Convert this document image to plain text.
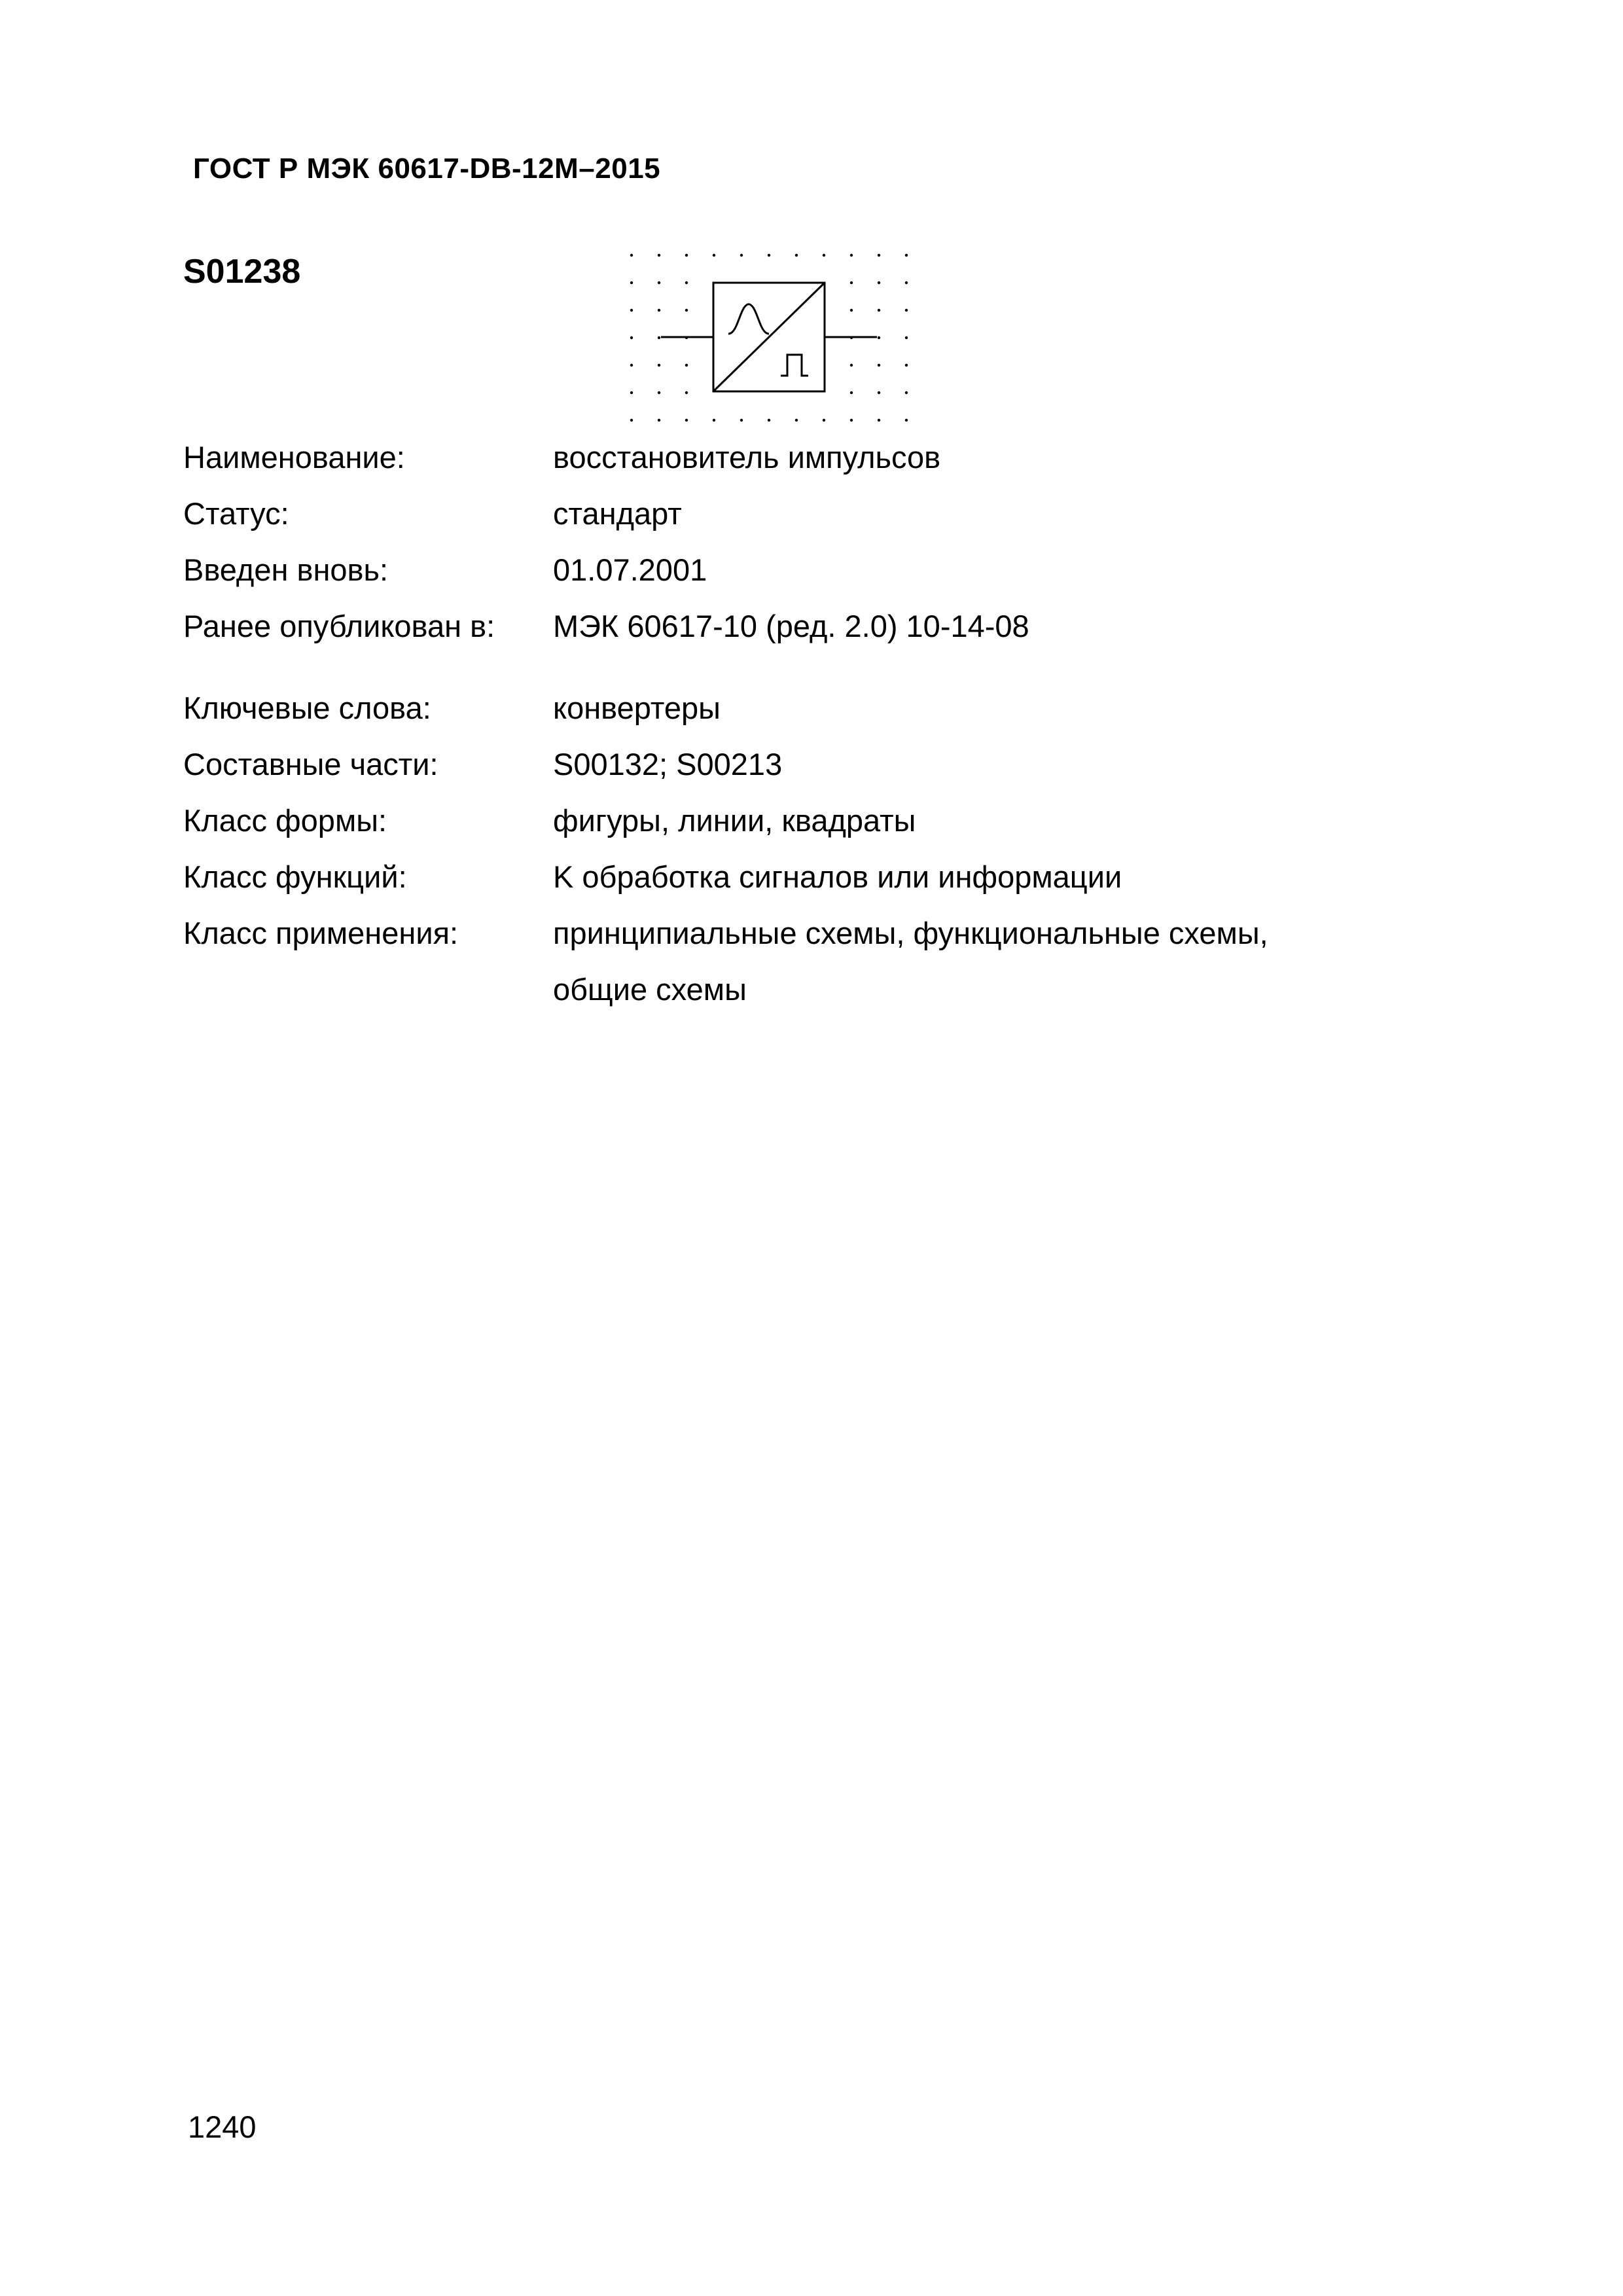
ГОСТ Р МЭК 60617-DB-12M–2015
S01238
Наименование:	восстановитель импульсов
Статус:	стандарт
Введен вновь:	01.07.2001
Ранее опубликован в: МЭК 60617-10 (ред. 2.0) 10-14-08
Ключевые слова:	конвертеры
Составные части:	S00132; S00213
Класс формы:	фигуры, линии, квадраты
Класс функций:	K обработка сигналов или информации
Класс применения:	принципиальные схемы, функциональные схемы,
общие схемы
1240
